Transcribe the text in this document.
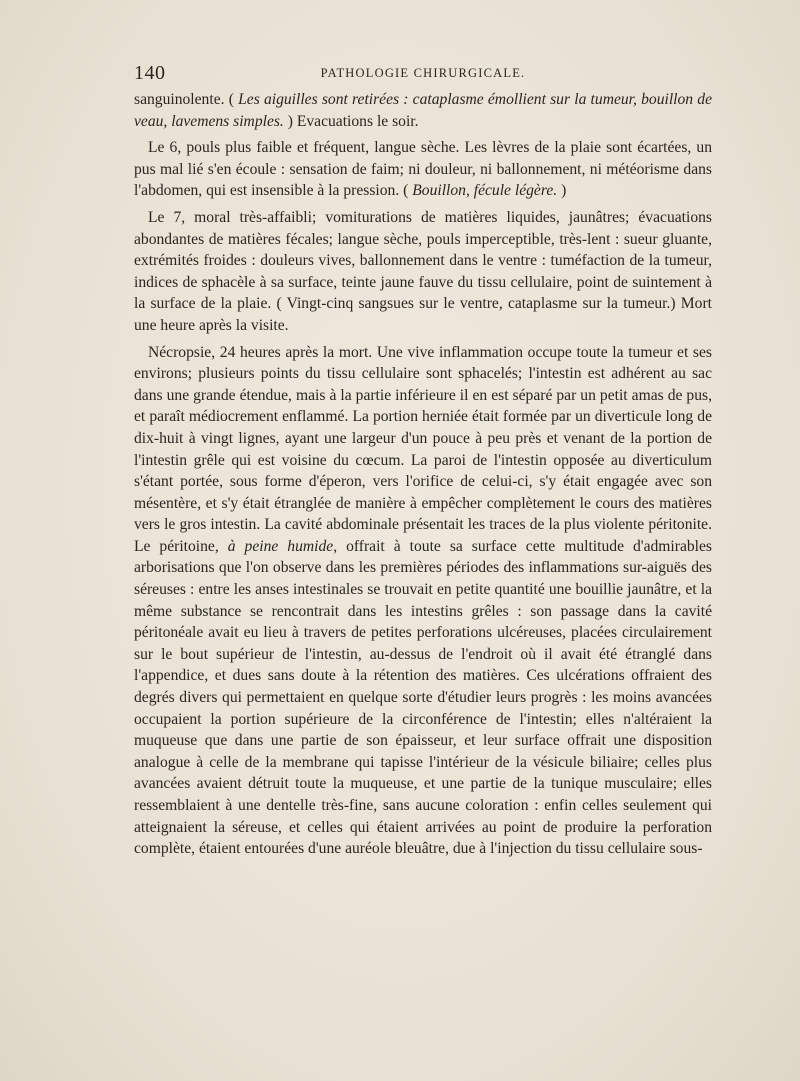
140	PATHOLOGIE CHIRURGICALE.

sanguinolente. ( Les aiguilles sont retirées : cataplasme émollient sur la tumeur, bouillon de veau, lavemens simples. ) Evacuations le soir.

Le 6, pouls plus faible et fréquent, langue sèche. Les lèvres de la plaie sont écartées, un pus mal lié s'en écoule : sensation de faim; ni douleur, ni ballonnement, ni météorisme dans l'abdomen, qui est insensible à la pression. ( Bouillon, fécule légère. )

Le 7, moral très-affaibli; vomiturations de matières liquides, jaunâtres; évacuations abondantes de matières fécales; langue sèche, pouls imperceptible, très-lent : sueur gluante, extrémités froides : douleurs vives, ballonnement dans le ventre : tuméfaction de la tumeur, indices de sphacèle à sa surface, teinte jaune fauve du tissu cellulaire, point de suintement à la surface de la plaie. ( Vingt-cinq sangsues sur le ventre, cataplasme sur la tumeur.) Mort une heure après la visite.

Nécropsie, 24 heures après la mort. Une vive inflammation occupe toute la tumeur et ses environs; plusieurs points du tissu cellulaire sont sphacelés; l'intestin est adhérent au sac dans une grande étendue, mais à la partie inférieure il en est séparé par un petit amas de pus, et paraît médiocrement enflammé. La portion herniée était formée par un diverticule long de dix-huit à vingt lignes, ayant une largeur d'un pouce à peu près et venant de la portion de l'intestin grêle qui est voisine du cœcum. La paroi de l'intestin opposée au diverticulum s'étant portée, sous forme d'éperon, vers l'orifice de celui-ci, s'y était engagée avec son mésentère, et s'y était étranglée de manière à empêcher complètement le cours des matières vers le gros intestin. La cavité abdominale présentait les traces de la plus violente péritonite. Le péritoine, à peine humide, offrait à toute sa surface cette multitude d'admirables arborisations que l'on observe dans les premières périodes des inflammations sur-aiguës des séreuses : entre les anses intestinales se trouvait en petite quantité une bouillie jaunâtre, et la même substance se rencontrait dans les intestins grêles : son passage dans la cavité péritonéale avait eu lieu à travers de petites perforations ulcéreuses, placées circulairement sur le bout supérieur de l'intestin, au-dessus de l'endroit où il avait été étranglé dans l'appendice, et dues sans doute à la rétention des matières. Ces ulcérations offraient des degrés divers qui permettaient en quelque sorte d'étudier leurs progrès : les moins avancées occupaient la portion supérieure de la circonférence de l'intestin; elles n'altéraient la muqueuse que dans une partie de son épaisseur, et leur surface offrait une disposition analogue à celle de la membrane qui tapisse l'intérieur de la vésicule biliaire; celles plus avancées avaient détruit toute la muqueuse, et une partie de la tunique musculaire; elles ressemblaient à une dentelle très-fine, sans aucune coloration : enfin celles seulement qui atteignaient la séreuse, et celles qui étaient arrivées au point de produire la perforation complète, étaient entourées d'une auréole bleuâtre, due à l'injection du tissu cellulaire sous-
